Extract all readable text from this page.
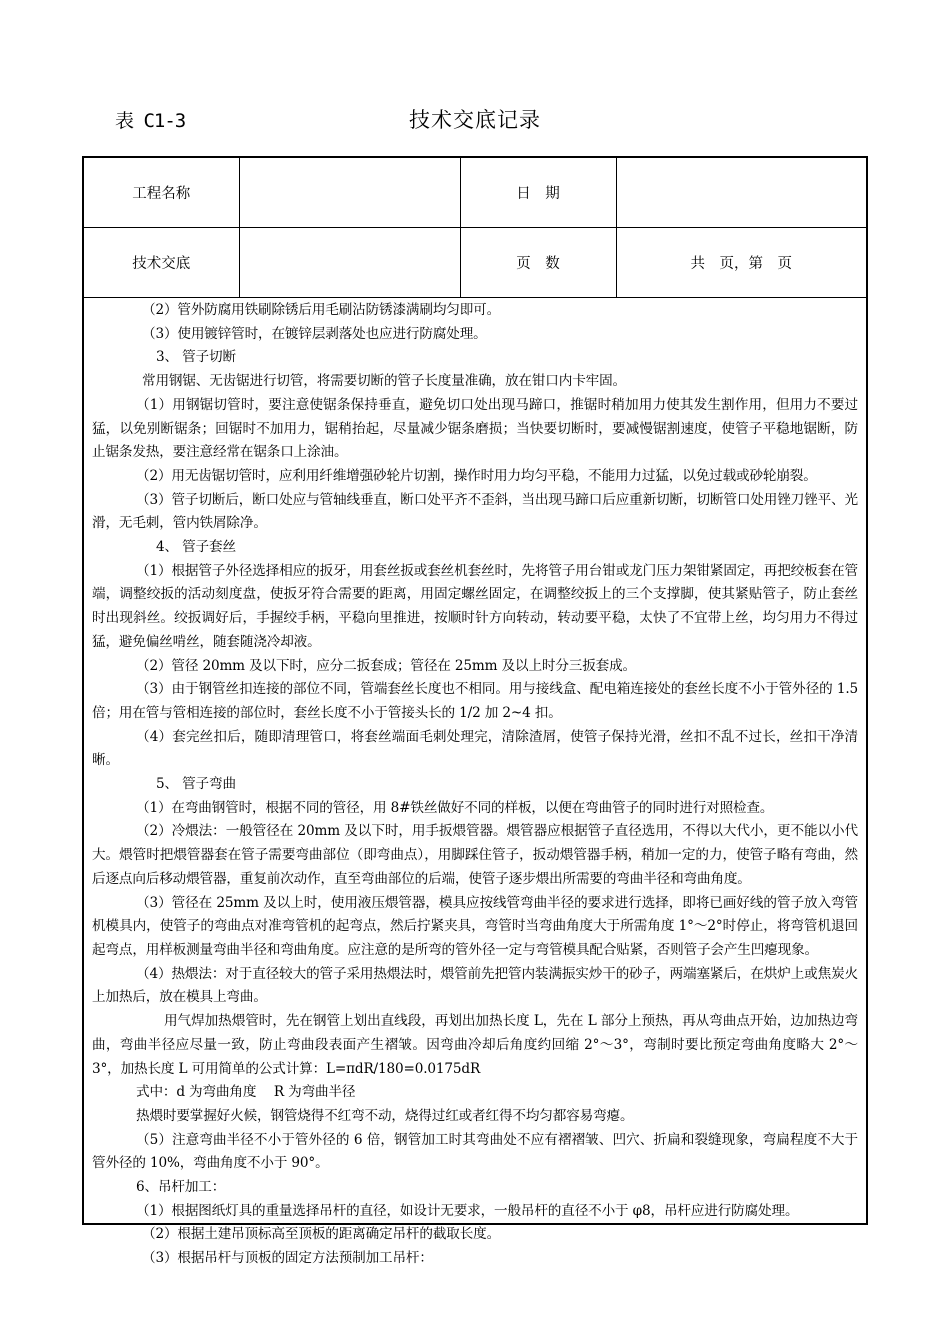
表 C1-3	技术交底记录
工程名称		日　期	
技术交底		页　数	共　页，第　页

（2）管外防腐用铁刷除锈后用毛刷沾防锈漆满刷均匀即可。

（3）使用镀锌管时，在镀锌层剥落处也应进行防腐处理。

3、 管子切断

常用钢锯、无齿锯进行切管，将需要切断的管子长度量准确，放在钳口内卡牢固。

（1）用钢锯切管时，要注意使锯条保持垂直，避免切口处出现马蹄口，推锯时稍加用力使其发生割作用，但用力不要过猛，以免别断锯条；回锯时不加用力，锯稍抬起，尽量减少锯条磨损；当快要切断时，要减慢锯割速度，使管子平稳地锯断，防止锯条发热，要注意经常在锯条口上涂油。

（2）用无齿锯切管时，应利用纤维增强砂轮片切割，操作时用力均匀平稳，不能用力过猛，以免过载或砂轮崩裂。

（3）管子切断后，断口处应与管轴线垂直，断口处平齐不歪斜，当出现马蹄口后应重新切断，切断管口处用锉刀锉平、光滑，无毛刺，管内铁屑除净。

4、 管子套丝

（1）根据管子外径选择相应的扳牙，用套丝扳或套丝机套丝时，先将管子用台钳或龙门压力架钳紧固定，再把绞板套在管端，调整绞扳的活动刻度盘，使扳牙符合需要的距离，用固定螺丝固定，在调整绞扳上的三个支撑脚，使其紧贴管子，防止套丝时出现斜丝。绞扳调好后，手握绞手柄，平稳向里推进，按顺时针方向转动，转动要平稳，太快了不宜带上丝，均匀用力不得过猛，避免偏丝啃丝，随套随浇冷却液。

（2）管径 20mm 及以下时，应分二扳套成；管径在 25mm 及以上时分三扳套成。

（3）由于钢管丝扣连接的部位不同，管端套丝长度也不相同。用与接线盒、配电箱连接处的套丝长度不小于管外径的 1.5 倍；用在管与管相连接的部位时，套丝长度不小于管接头长的 1/2 加 2~4 扣。

（4）套完丝扣后，随即清理管口，将套丝端面毛刺处理完，清除渣屑，使管子保持光滑，丝扣不乱不过长，丝扣干净清晰。

5、 管子弯曲

（1）在弯曲钢管时，根据不同的管径，用 8#铁丝做好不同的样板，以便在弯曲管子的同时进行对照检查。

（2）冷煨法：一般管径在 20mm 及以下时，用手扳煨管器。煨管器应根据管子直径选用，不得以大代小，更不能以小代大。煨管时把煨管器套在管子需要弯曲部位（即弯曲点），用脚踩住管子，扳动煨管器手柄，稍加一定的力，使管子略有弯曲，然后逐点向后移动煨管器，重复前次动作，直至弯曲部位的后端，使管子逐步煨出所需要的弯曲半径和弯曲角度。

（3）管径在 25mm 及以上时，使用液压煨管器，模具应按线管弯曲半径的要求进行选择，即将已画好线的管子放入弯管机模具内，使管子的弯曲点对准弯管机的起弯点，然后拧紧夹具，弯管时当弯曲角度大于所需角度 1°～2°时停止，将弯管机退回起弯点，用样板测量弯曲半径和弯曲角度。应注意的是所弯的管外径一定与弯管模具配合贴紧，否则管子会产生凹瘪现象。

（4）热煨法：对于直径较大的管子采用热煨法时，煨管前先把管内装满振实炒干的砂子，两端塞紧后，在烘炉上或焦炭火上加热后，放在模具上弯曲。

用气焊加热煨管时，先在钢管上划出直线段，再划出加热长度 L，先在 L 部分上预热，再从弯曲点开始，边加热边弯曲，弯曲半径应尽量一致，防止弯曲段表面产生褶皱。因弯曲冷却后角度约回缩 2°～3°，弯制时要比预定弯曲角度略大 2°～3°，加热长度 L 可用简单的公式计算：L=πdR/180=0.0175dR

式中：d 为弯曲角度　 R 为弯曲半径

热煨时要掌握好火候，钢管烧得不红弯不动，烧得过红或者红得不均匀都容易弯瘪。

（5）注意弯曲半径不小于管外径的 6 倍，钢管加工时其弯曲处不应有褶褶皱、凹穴、折扁和裂缝现象，弯扁程度不大于管外径的 10%，弯曲角度不小于 90°。

6、吊杆加工：

（1）根据图纸灯具的重量选择吊杆的直径，如设计无要求，一般吊杆的直径不小于 φ8，吊杆应进行防腐处理。

（2）根据土建吊顶标高至顶板的距离确定吊杆的截取长度。

（3）根据吊杆与顶板的固定方法预制加工吊杆：
